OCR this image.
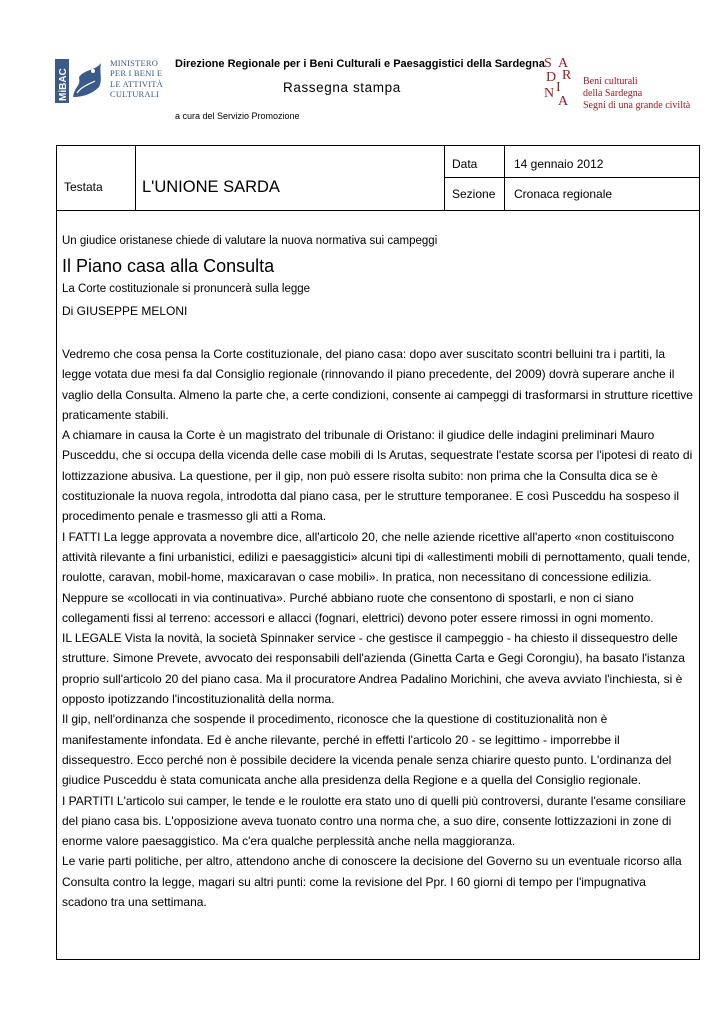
MiBAC
MINISTERO
PER I BENI E
LE ATTIVITÀ
CULTURALI
Direzione Regionale per i Beni Culturali e Paesaggistici della Sardegna
Rassegna stampa
a cura del Servizio Promozione
S A
R
D
I
N
A
Beni culturali
della Sardegna
Segni di una grande civiltà
Testata L'UNIONE SARDA
Data	14 gennaio 2012
Sezione Cronaca regionale
Un giudice oristanese chiede di valutare la nuova normativa sui campeggi
Il Piano casa alla Consulta
La Corte costituzionale si pronuncerà sulla legge
Di GIUSEPPE MELONI

Vedremo che cosa pensa la Corte costituzionale, del piano casa: dopo aver suscitato scontri belluini tra i partiti, la legge votata due mesi fa dal Consiglio regionale (rinnovando il piano precedente, del 2009) dovrà superare anche il vaglio della Consulta. Almeno la parte che, a certe condizioni, consente ai campeggi di trasformarsi in strutture ricettive praticamente stabili.

A chiamare in causa la Corte è un magistrato del tribunale di Oristano: il giudice delle indagini preliminari Mauro Pusceddu, che si occupa della vicenda delle case mobili di Is Arutas, sequestrate l'estate scorsa per l'ipotesi di reato di lottizzazione abusiva. La questione, per il gip, non può essere risolta subito: non prima che la Consulta dica se è costituzionale la nuova regola, introdotta dal piano casa, per le strutture temporanee. E così Pusceddu ha sospeso il procedimento penale e trasmesso gli atti a Roma.

I FATTI La legge approvata a novembre dice, all'articolo 20, che nelle aziende ricettive all'aperto «non costituiscono attività rilevante a fini urbanistici, edilizi e paesaggistici» alcuni tipi di «allestimenti mobili di pernottamento, quali tende, roulotte, caravan, mobil-home, maxicaravan o case mobili». In pratica, non necessitano di concessione edilizia. Neppure se «collocati in via continuativa». Purché abbiano ruote che consentono di spostarli, e non ci siano collegamenti fissi al terreno: accessori e allacci (fognari, elettrici) devono poter essere rimossi in ogni momento.

IL LEGALE Vista la novità, la società Spinnaker service - che gestisce il campeggio - ha chiesto il dissequestro delle strutture. Simone Prevete, avvocato dei responsabili dell'azienda (Ginetta Carta e Gegi Corongiu), ha basato l'istanza proprio sull'articolo 20 del piano casa. Ma il procuratore Andrea Padalino Morichini, che aveva avviato l'inchiesta, si è opposto ipotizzando l'incostituzionalità della norma.

Il gip, nell'ordinanza che sospende il procedimento, riconosce che la questione di costituzionalità non è manifestamente infondata. Ed è anche rilevante, perché in effetti l'articolo 20 - se legittimo - imporrebbe il dissequestro. Ecco perché non è possibile decidere la vicenda penale senza chiarire questo punto. L'ordinanza del giudice Pusceddu è stata comunicata anche alla presidenza della Regione e a quella del Consiglio regionale.

I PARTITI L'articolo sui camper, le tende e le roulotte era stato uno di quelli più controversi, durante l'esame consiliare del piano casa bis. L'opposizione aveva tuonato contro una norma che, a suo dire, consente lottizzazioni in zone di enorme valore paesaggistico. Ma c'era qualche perplessità anche nella maggioranza.

Le varie parti politiche, per altro, attendono anche di conoscere la decisione del Governo su un eventuale ricorso alla Consulta contro la legge, magari su altri punti: come la revisione del Ppr. I 60 giorni di tempo per l'impugnativa scadono tra una settimana.
